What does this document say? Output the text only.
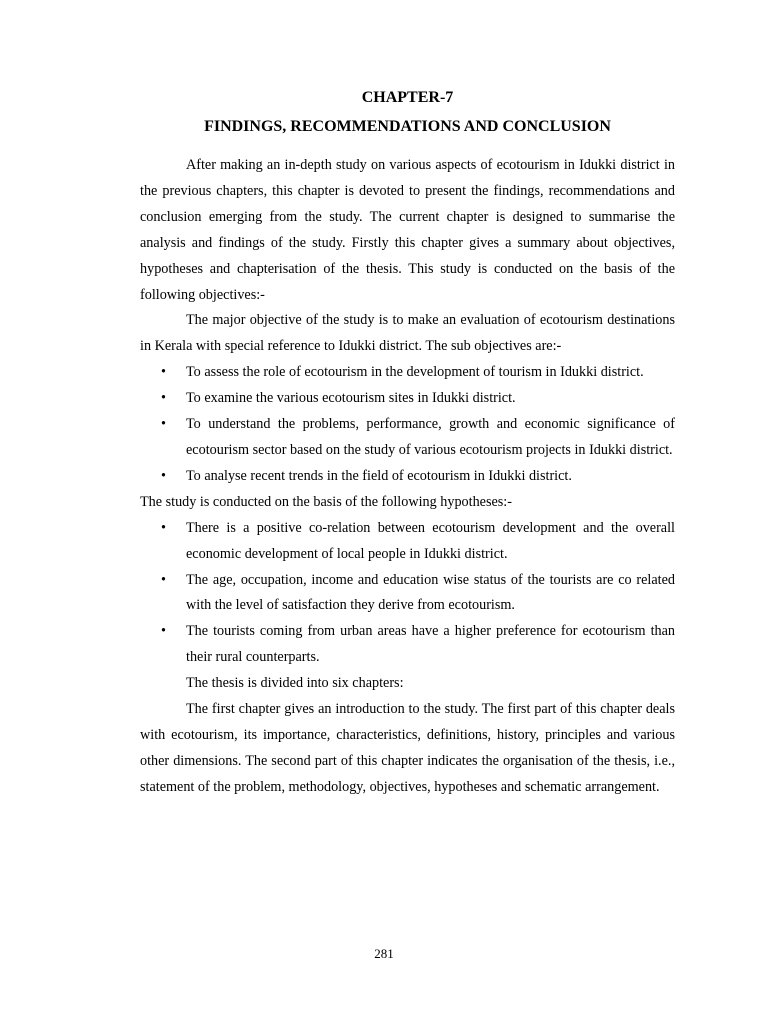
CHAPTER-7
FINDINGS, RECOMMENDATIONS AND CONCLUSION

After making an in-depth study on various aspects of ecotourism in Idukki district in the previous chapters, this chapter is devoted to present the findings, recommendations and conclusion emerging from the study. The current chapter is designed to summarise the analysis and findings of the study. Firstly this chapter gives a summary about objectives, hypotheses and chapterisation of the thesis. This study is conducted on the basis of the following objectives:-

The major objective of the study is to make an evaluation of ecotourism destinations in Kerala with special reference to Idukki district. The sub objectives are:-

• To assess the role of ecotourism in the development of tourism in Idukki district.
• To examine the various ecotourism sites in Idukki district.
• To understand the problems, performance, growth and economic significance of ecotourism sector based on the study of various ecotourism projects in Idukki district.
• To analyse recent trends in the field of ecotourism in Idukki district.

The study is conducted on the basis of the following hypotheses:-

• There is a positive co-relation between ecotourism development and the overall economic development of local people in Idukki district.
• The age, occupation, income and education wise status of the tourists are co related with the level of satisfaction they derive from ecotourism.
• The tourists coming from urban areas have a higher preference for ecotourism than their rural counterparts.

The thesis is divided into six chapters:

The first chapter gives an introduction to the study. The first part of this chapter deals with ecotourism, its importance, characteristics, definitions, history, principles and various other dimensions. The second part of this chapter indicates the organisation of the thesis, i.e., statement of the problem, methodology, objectives, hypotheses and schematic arrangement.

281
